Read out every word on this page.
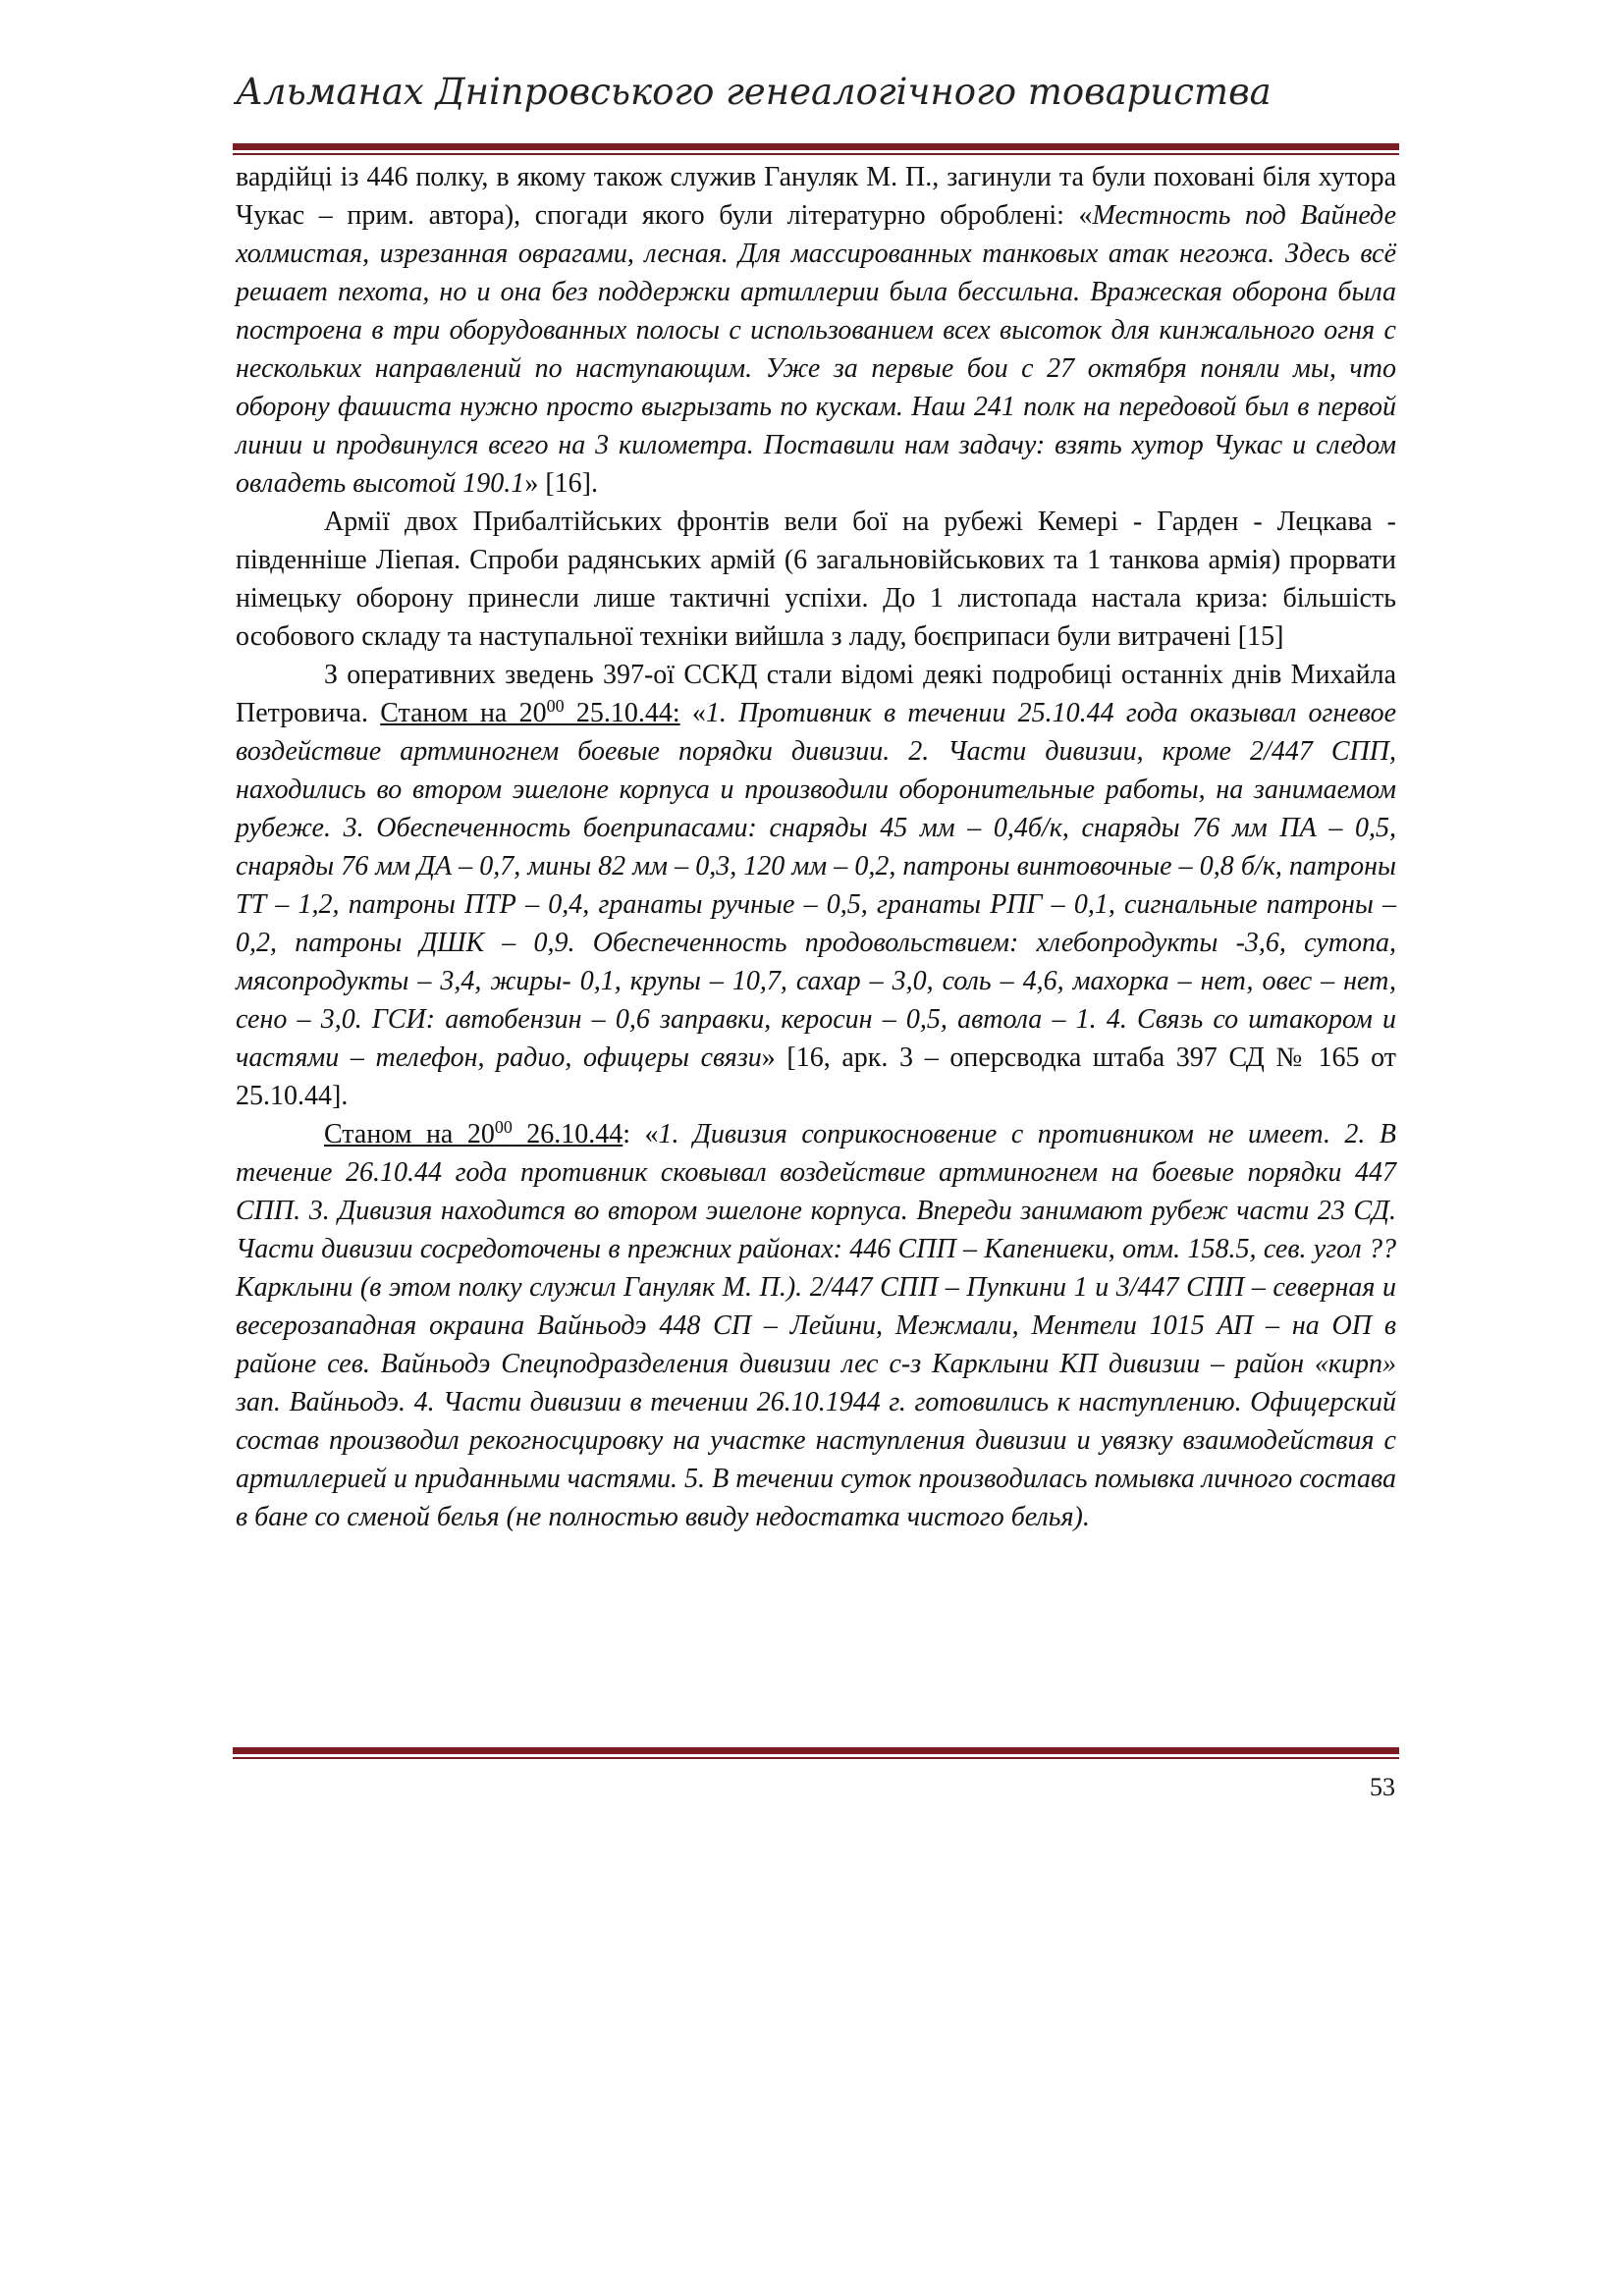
Альманах Дніпровського генеалогічного товариства

вардійці із 446 полку, в якому також служив Гануляк М. П., загинули та були поховані біля хутора Чукас – прим. автора), спогади якого були літературно оброблені: «Местность под Вайнеде холмистая, изрезанная оврагами, лесная. Для массированных танковых атак негожа. Здесь всё решает пехота, но и она без поддержки артиллерии была бессильна. Вражеская оборона была построена в три оборудованных полосы с использованием всех высоток для кинжального огня с нескольких направлений по наступающим. Уже за первые бои с 27 октября поняли мы, что оборону фашиста нужно просто выгрызать по кускам. Наш 241 полк на передовой был в первой линии и продвинулся всего на 3 километра. Поставили нам задачу: взять хутор Чукас и следом овладеть высотой 190.1» [16].

Армії двох Прибалтійських фронтів вели бої на рубежі Кемері - Гарден - Лецкава - південніше Ліепая. Спроби радянських армій (6 загальновійськових та 1 танкова армія) прорвати німецьку оборону принесли лише тактичні успіхи. До 1 листопада настала криза: більшість особового складу та наступальної техніки вийшла з ладу, боєприпаси були витрачені [15]

З оперативних зведень 397-ої ССКД стали відомі деякі подробиці останніх днів Михайла Петровича. Станом на $20^{00}$ 25.10.44: «1. Противник в течении 25.10.44 года оказывал огневое воздействие артминогнем боевые порядки дивизии. 2. Части дивизии, кроме 2/447 СПП, находились во втором эшелоне корпуса и производили оборонительные работы, на занимаемом рубеже. 3. Обеспеченность боеприпасами: снаряды 45 мм – 0,4б/к, снаряды 76 мм ПА – 0,5, снаряды 76 мм ДА – 0,7, мины 82 мм – 0,3, 120 мм – 0,2, патроны винтовочные – 0,8 б/к, патроны ТТ – 1,2, патроны ПТР – 0,4, гранаты ручные – 0,5, гранаты РПГ – 0,1, сигнальные патроны – 0,2, патроны ДШК – 0,9. Обеспеченность продовольствием: хлебопродукты -3,6, сутопа, мясопродукты – 3,4, жиры- 0,1, крупы – 10,7, сахар – 3,0, соль – 4,6, махорка – нет, овес – нет, сено – 3,0. ГСИ: автобензин – 0,6 заправки, керосин – 0,5, автола – 1. 4. Связь со штакором и частями – телефон, радио, офицеры связи» [16, арк. 3 – оперсводка штаба 397 СД № 165 от 25.10.44].

Станом на $20^{00}$ 26.10.44: «1. Дивизия соприкосновение с противником не имеет. 2. В течение 26.10.44 года противник сковывал воздействие артминогнем на боевые порядки 447 СПП. 3. Дивизия находится во втором эшелоне корпуса. Впереди занимают рубеж части 23 СД. Части дивизии сосредоточены в прежних районах: 446 СПП – Капениеки, отм. 158.5, сев. угол ?? Карклыни (в этом полку служил Гануляк М. П.). 2/447 СПП – Пупкини 1 и 3/447 СПП – северная и весерозападная окраина Вайньодэ 448 СП – Лейини, Межмали, Ментели 1015 АП – на ОП в районе сев. Вайньодэ Спецподразделения дивизии лес с-з Карклыни КП дивизии – район «кирп» зап. Вайньодэ. 4. Части дивизии в течении 26.10.1944 г. готовились к наступлению. Офицерский состав производил рекогносцировку на участке наступления дивизии и увязку взаимодействия с артиллерией и приданными частями. 5. В течении суток производилась помывка личного состава в бане со сменой белья (не полностью ввиду недостатка чистого белья).

53
